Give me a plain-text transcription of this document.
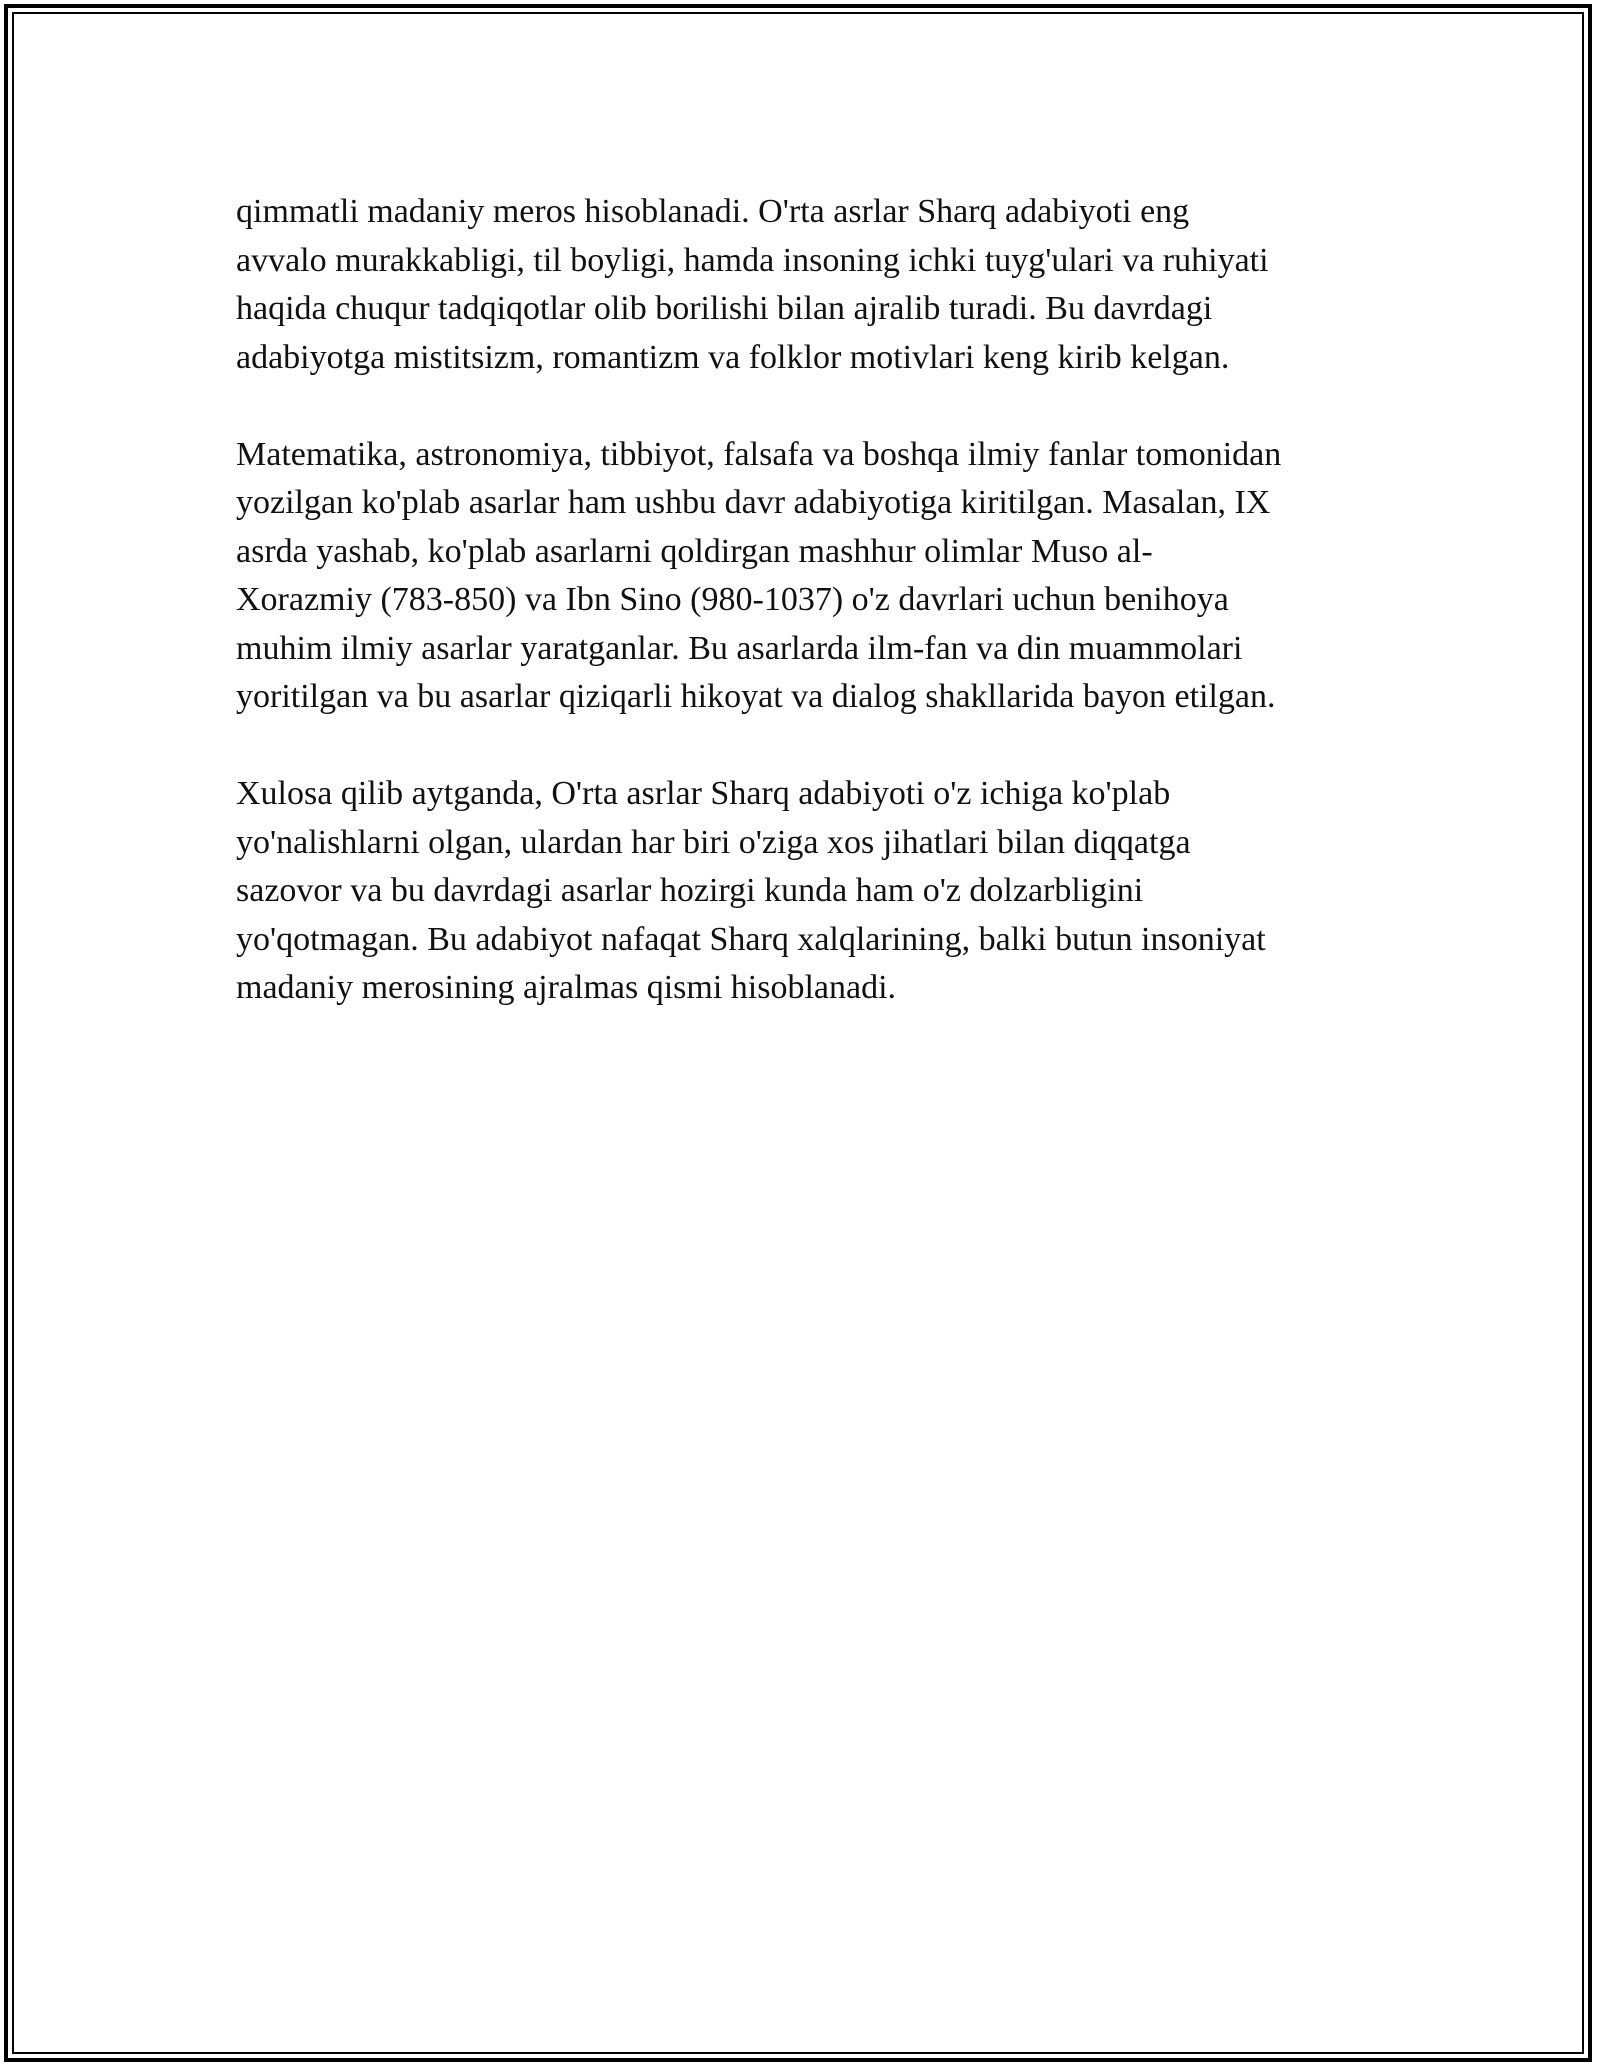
qimmatli madaniy meros hisoblanadi. O'rta asrlar Sharq adabiyoti eng
avvalo murakkabligi, til boyligi, hamda insoning ichki tuyg'ulari va ruhiyati
haqida chuqur tadqiqotlar olib borilishi bilan ajralib turadi. Bu davrdagi
adabiyotga mistitsizm, romantizm va folklor motivlari keng kirib kelgan.

Matematika, astronomiya, tibbiyot, falsafa va boshqa ilmiy fanlar tomonidan
yozilgan ko'plab asarlar ham ushbu davr adabiyotiga kiritilgan. Masalan, IX
asrda yashab, ko'plab asarlarni qoldirgan mashhur olimlar Muso al-
Xorazmiy (783-850) va Ibn Sino (980-1037) o'z davrlari uchun benihoya
muhim ilmiy asarlar yaratganlar. Bu asarlarda ilm-fan va din muammolari
yoritilgan va bu asarlar qiziqarli hikoyat va dialog shakllarida bayon etilgan.

Xulosa qilib aytganda, O'rta asrlar Sharq adabiyoti o'z ichiga ko'plab
yo'nalishlarni olgan, ulardan har biri o'ziga xos jihatlari bilan diqqatga
sazovor va bu davrdagi asarlar hozirgi kunda ham o'z dolzarbligini
yo'qotmagan. Bu adabiyot nafaqat Sharq xalqlarining, balki butun insoniyat
madaniy merosining ajralmas qismi hisoblanadi.
